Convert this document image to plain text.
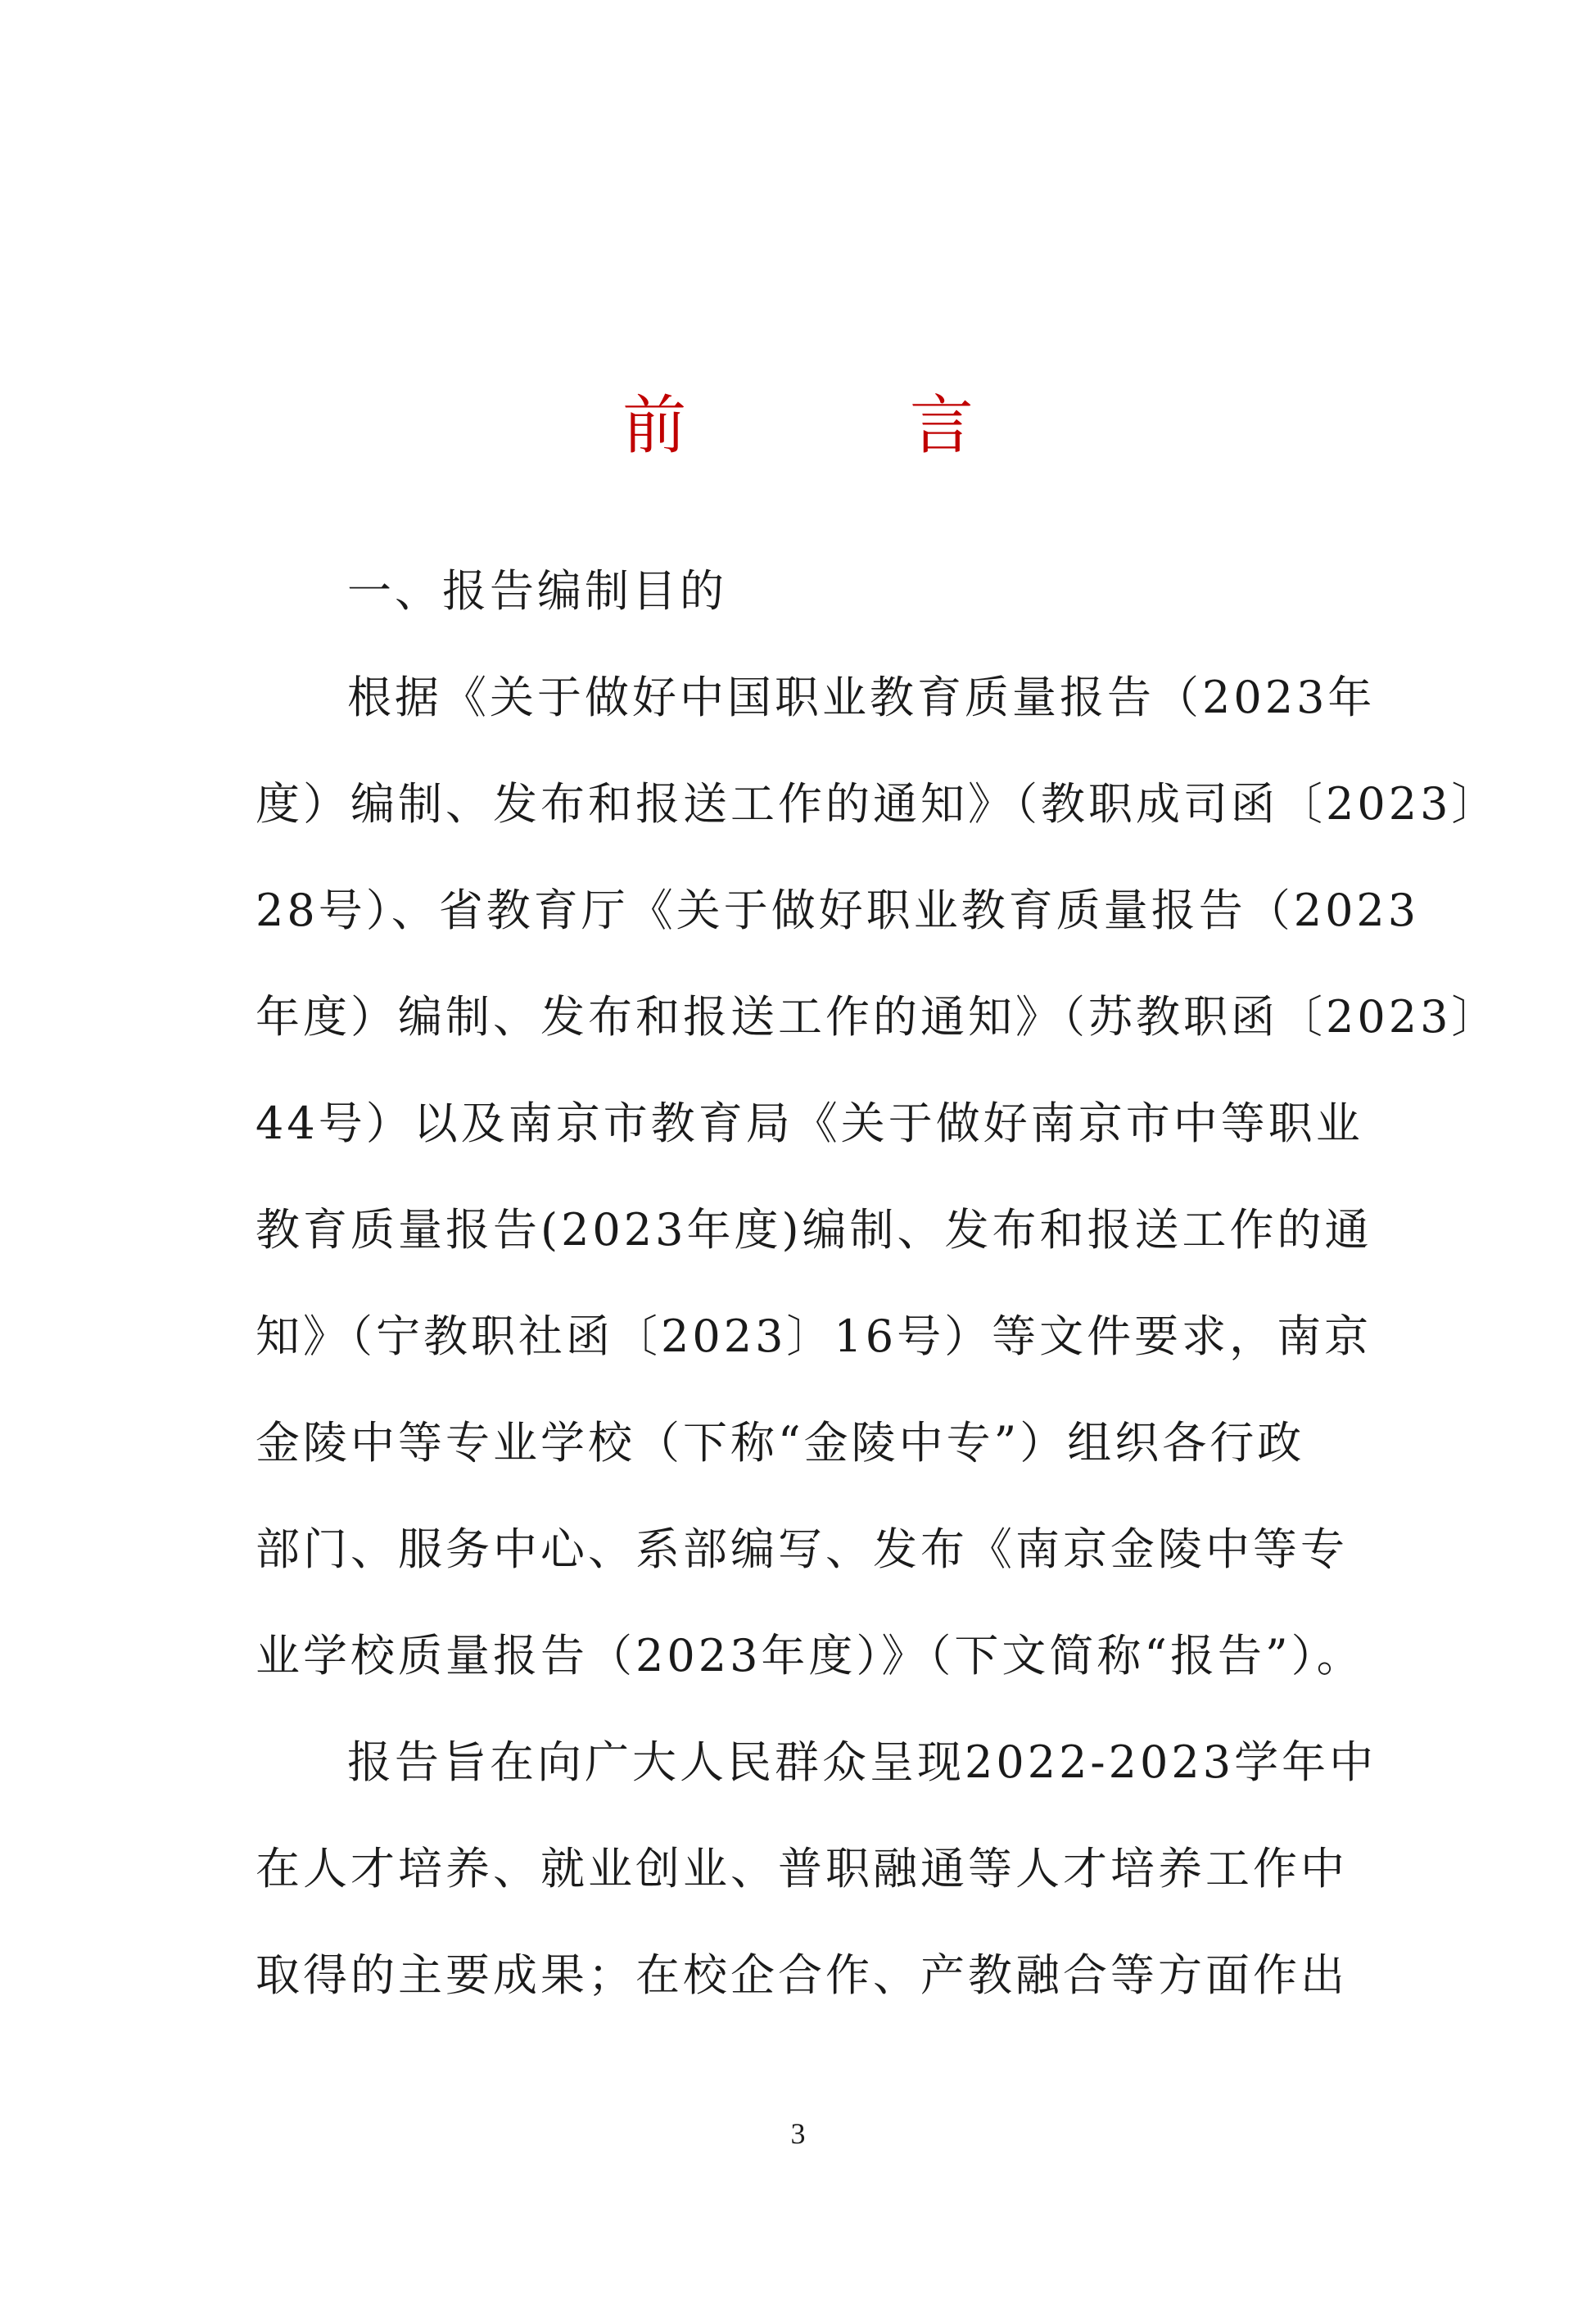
前 言
一、报告编制目的
根据《关于做好中国职业教育质量报告（2023年
度）编制、发布和报送工作的通知》（教职成司函〔2023〕
28号）、省教育厅《关于做好职业教育质量报告（2023
年度）编制、发布和报送工作的通知》（苏教职函〔2023〕
44号）以及南京市教育局《关于做好南京市中等职业
教育质量报告(2023年度)编制、发布和报送工作的通
知》（宁教职社函〔2023〕16号）等文件要求，南京
金陵中等专业学校（下称“金陵中专”）组织各行政
部门、服务中心、系部编写、发布《南京金陵中等专
业学校质量报告（2023年度）》（下文简称“报告”）。
报告旨在向广大人民群众呈现2022-2023学年中
在人才培养、就业创业、普职融通等人才培养工作中
取得的主要成果；在校企合作、产教融合等方面作出
3
